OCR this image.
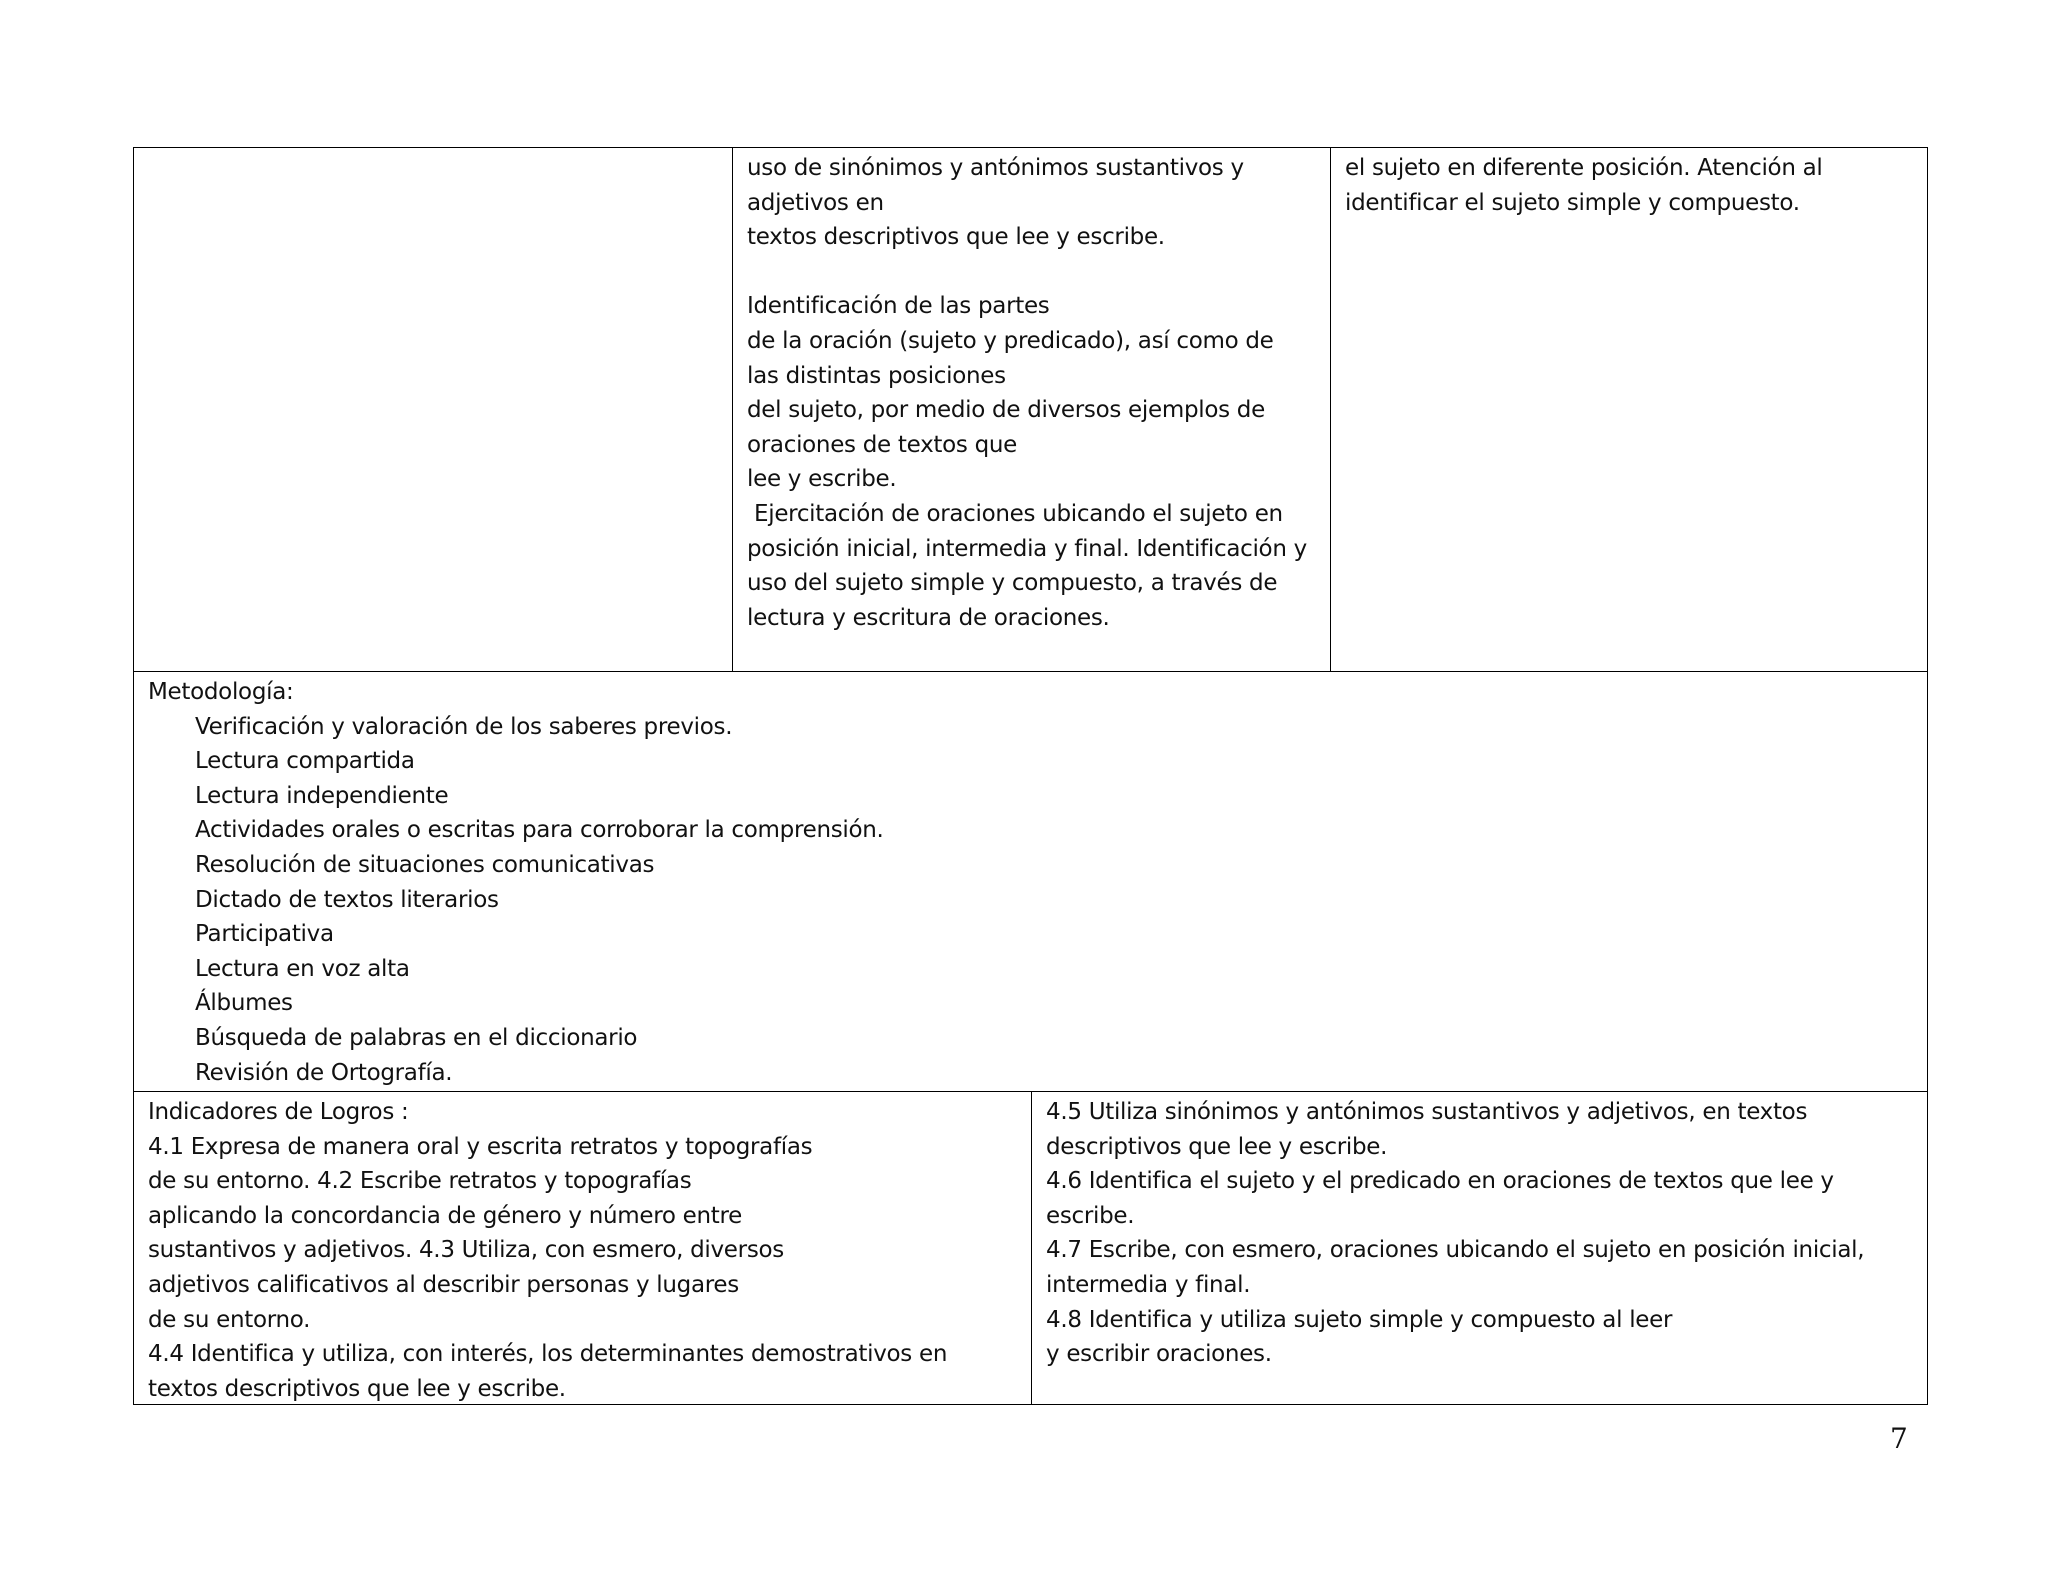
uso de sinónimos y antónimos sustantivos y
adjetivos en
textos descriptivos que lee y escribe.
Identificación de las partes
de la oración (sujeto y predicado), así como de
las distintas posiciones
del sujeto, por medio de diversos ejemplos de
oraciones de textos que
lee y escribe.
Ejercitación de oraciones ubicando el sujeto en
posición inicial, intermedia y final. Identificación y
uso del sujeto simple y compuesto, a través de
lectura y escritura de oraciones.
el sujeto en diferente posición. Atención al
identificar el sujeto simple y compuesto.
Metodología:
Verificación y valoración de los saberes previos.
Lectura compartida
Lectura independiente
Actividades orales o escritas para corroborar la comprensión.
Resolución de situaciones comunicativas
Dictado de textos literarios
Participativa
Lectura en voz alta
Álbumes
Búsqueda de palabras en el diccionario
Revisión de Ortografía.
Indicadores de Logros :
4.1 Expresa de manera oral y escrita retratos y topografías
de su entorno. 4.2 Escribe retratos y topografías
aplicando la concordancia de género y número entre
sustantivos y adjetivos. 4.3 Utiliza, con esmero, diversos
adjetivos calificativos al describir personas y lugares
de su entorno.
4.4 Identifica y utiliza, con interés, los determinantes demostrativos en
textos descriptivos que lee y escribe.
4.5 Utiliza sinónimos y antónimos sustantivos y adjetivos, en textos
descriptivos que lee y escribe.
4.6 Identifica el sujeto y el predicado en oraciones de textos que lee y
escribe.
4.7 Escribe, con esmero, oraciones ubicando el sujeto en posición inicial,
intermedia y final.
4.8 Identifica y utiliza sujeto simple y compuesto al leer
y escribir oraciones.
7
